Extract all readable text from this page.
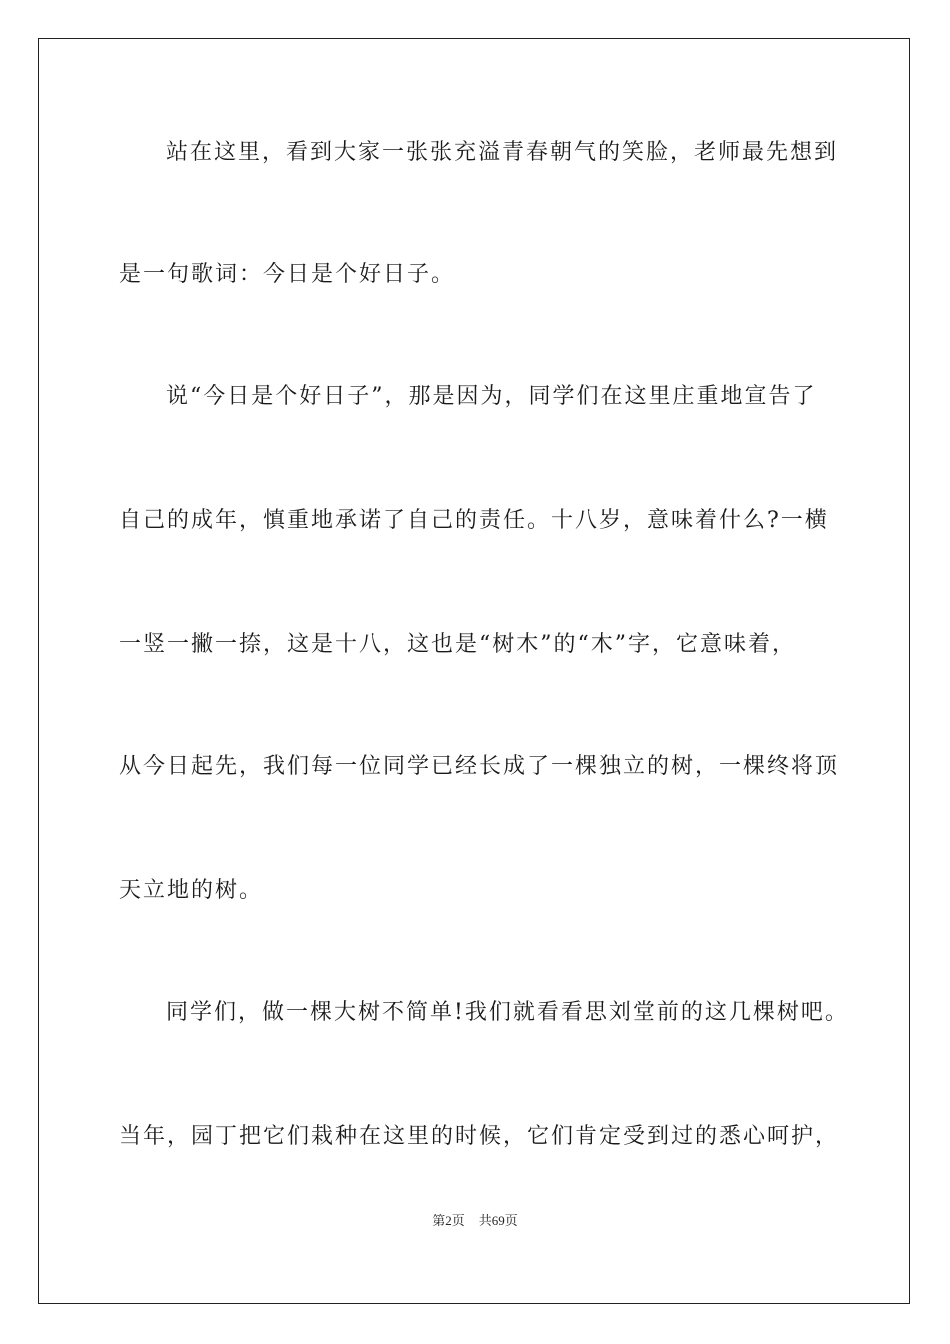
站在这里，看到大家一张张充溢青春朝气的笑脸，老师最先想到
是一句歌词：今日是个好日子。
说“今日是个好日子”，那是因为，同学们在这里庄重地宣告了
自己的成年，慎重地承诺了自己的责任。十八岁，意味着什么?一横
一竖一撇一捺，这是十八，这也是“树木”的“木”字，它意味着，
从今日起先，我们每一位同学已经长成了一棵独立的树，一棵终将顶
天立地的树。
同学们，做一棵大树不简单!我们就看看思刘堂前的这几棵树吧。
当年，园丁把它们栽种在这里的时候，它们肯定受到过的悉心呵护，
第2页 共69页
